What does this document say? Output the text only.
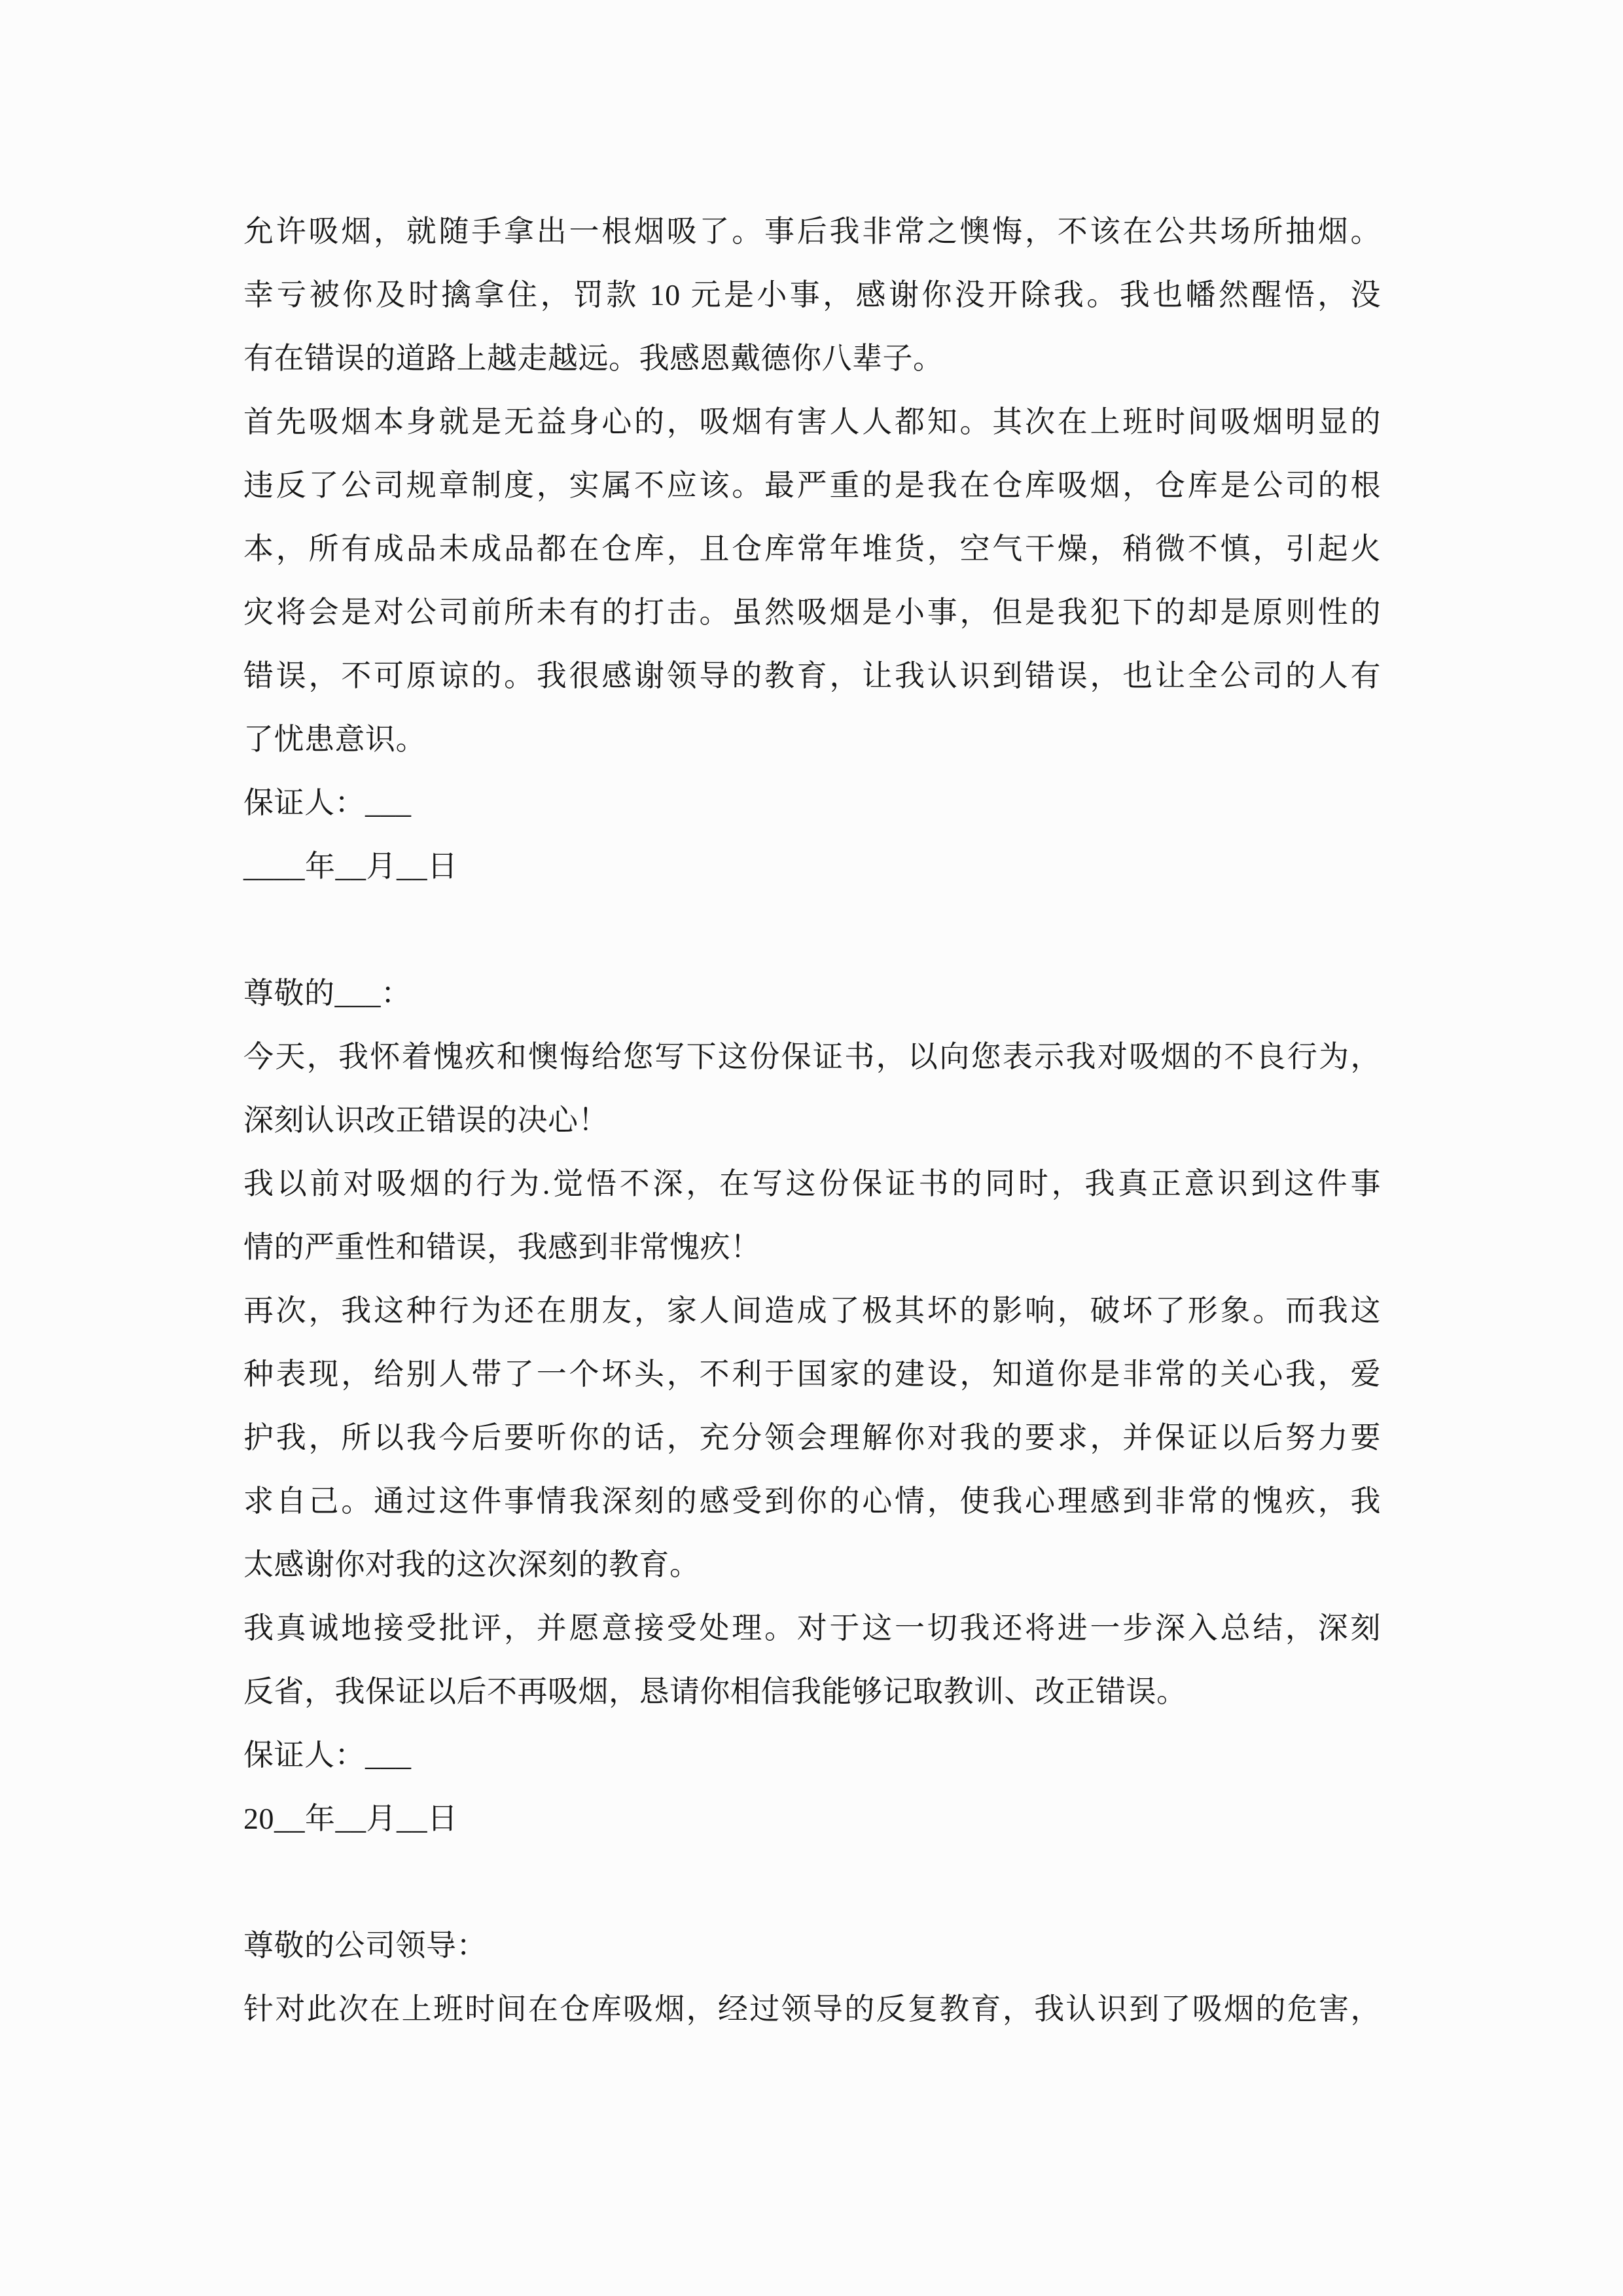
允许吸烟，就随手拿出一根烟吸了。事后我非常之懊悔，不该在公共场所抽烟。
幸亏被你及时擒拿住，罚款 10 元是小事，感谢你没开除我。我也幡然醒悟，没
有在错误的道路上越走越远。我感恩戴德你八辈子。
首先吸烟本身就是无益身心的，吸烟有害人人都知。其次在上班时间吸烟明显的
违反了公司规章制度，实属不应该。最严重的是我在仓库吸烟，仓库是公司的根
本，所有成品未成品都在仓库，且仓库常年堆货，空气干燥，稍微不慎，引起火
灾将会是对公司前所未有的打击。虽然吸烟是小事，但是我犯下的却是原则性的
错误，不可原谅的。我很感谢领导的教育，让我认识到错误，也让全公司的人有
了忧患意识。
保证人：___
____年__月__日
尊敬的___：
今天，我怀着愧疚和懊悔给您写下这份保证书，以向您表示我对吸烟的不良行为，
深刻认识改正错误的决心！
我以前对吸烟的行为.觉悟不深，在写这份保证书的同时，我真正意识到这件事
情的严重性和错误，我感到非常愧疚！
再次，我这种行为还在朋友，家人间造成了极其坏的影响，破坏了形象。而我这
种表现，给别人带了一个坏头，不利于国家的建设，知道你是非常的关心我，爱
护我，所以我今后要听你的话，充分领会理解你对我的要求，并保证以后努力要
求自己。通过这件事情我深刻的感受到你的心情，使我心理感到非常的愧疚，我
太感谢你对我的这次深刻的教育。
我真诚地接受批评，并愿意接受处理。对于这一切我还将进一步深入总结，深刻
反省，我保证以后不再吸烟，恳请你相信我能够记取教训、改正错误。
保证人：___
20__年__月__日
尊敬的公司领导：
针对此次在上班时间在仓库吸烟，经过领导的反复教育，我认识到了吸烟的危害，
